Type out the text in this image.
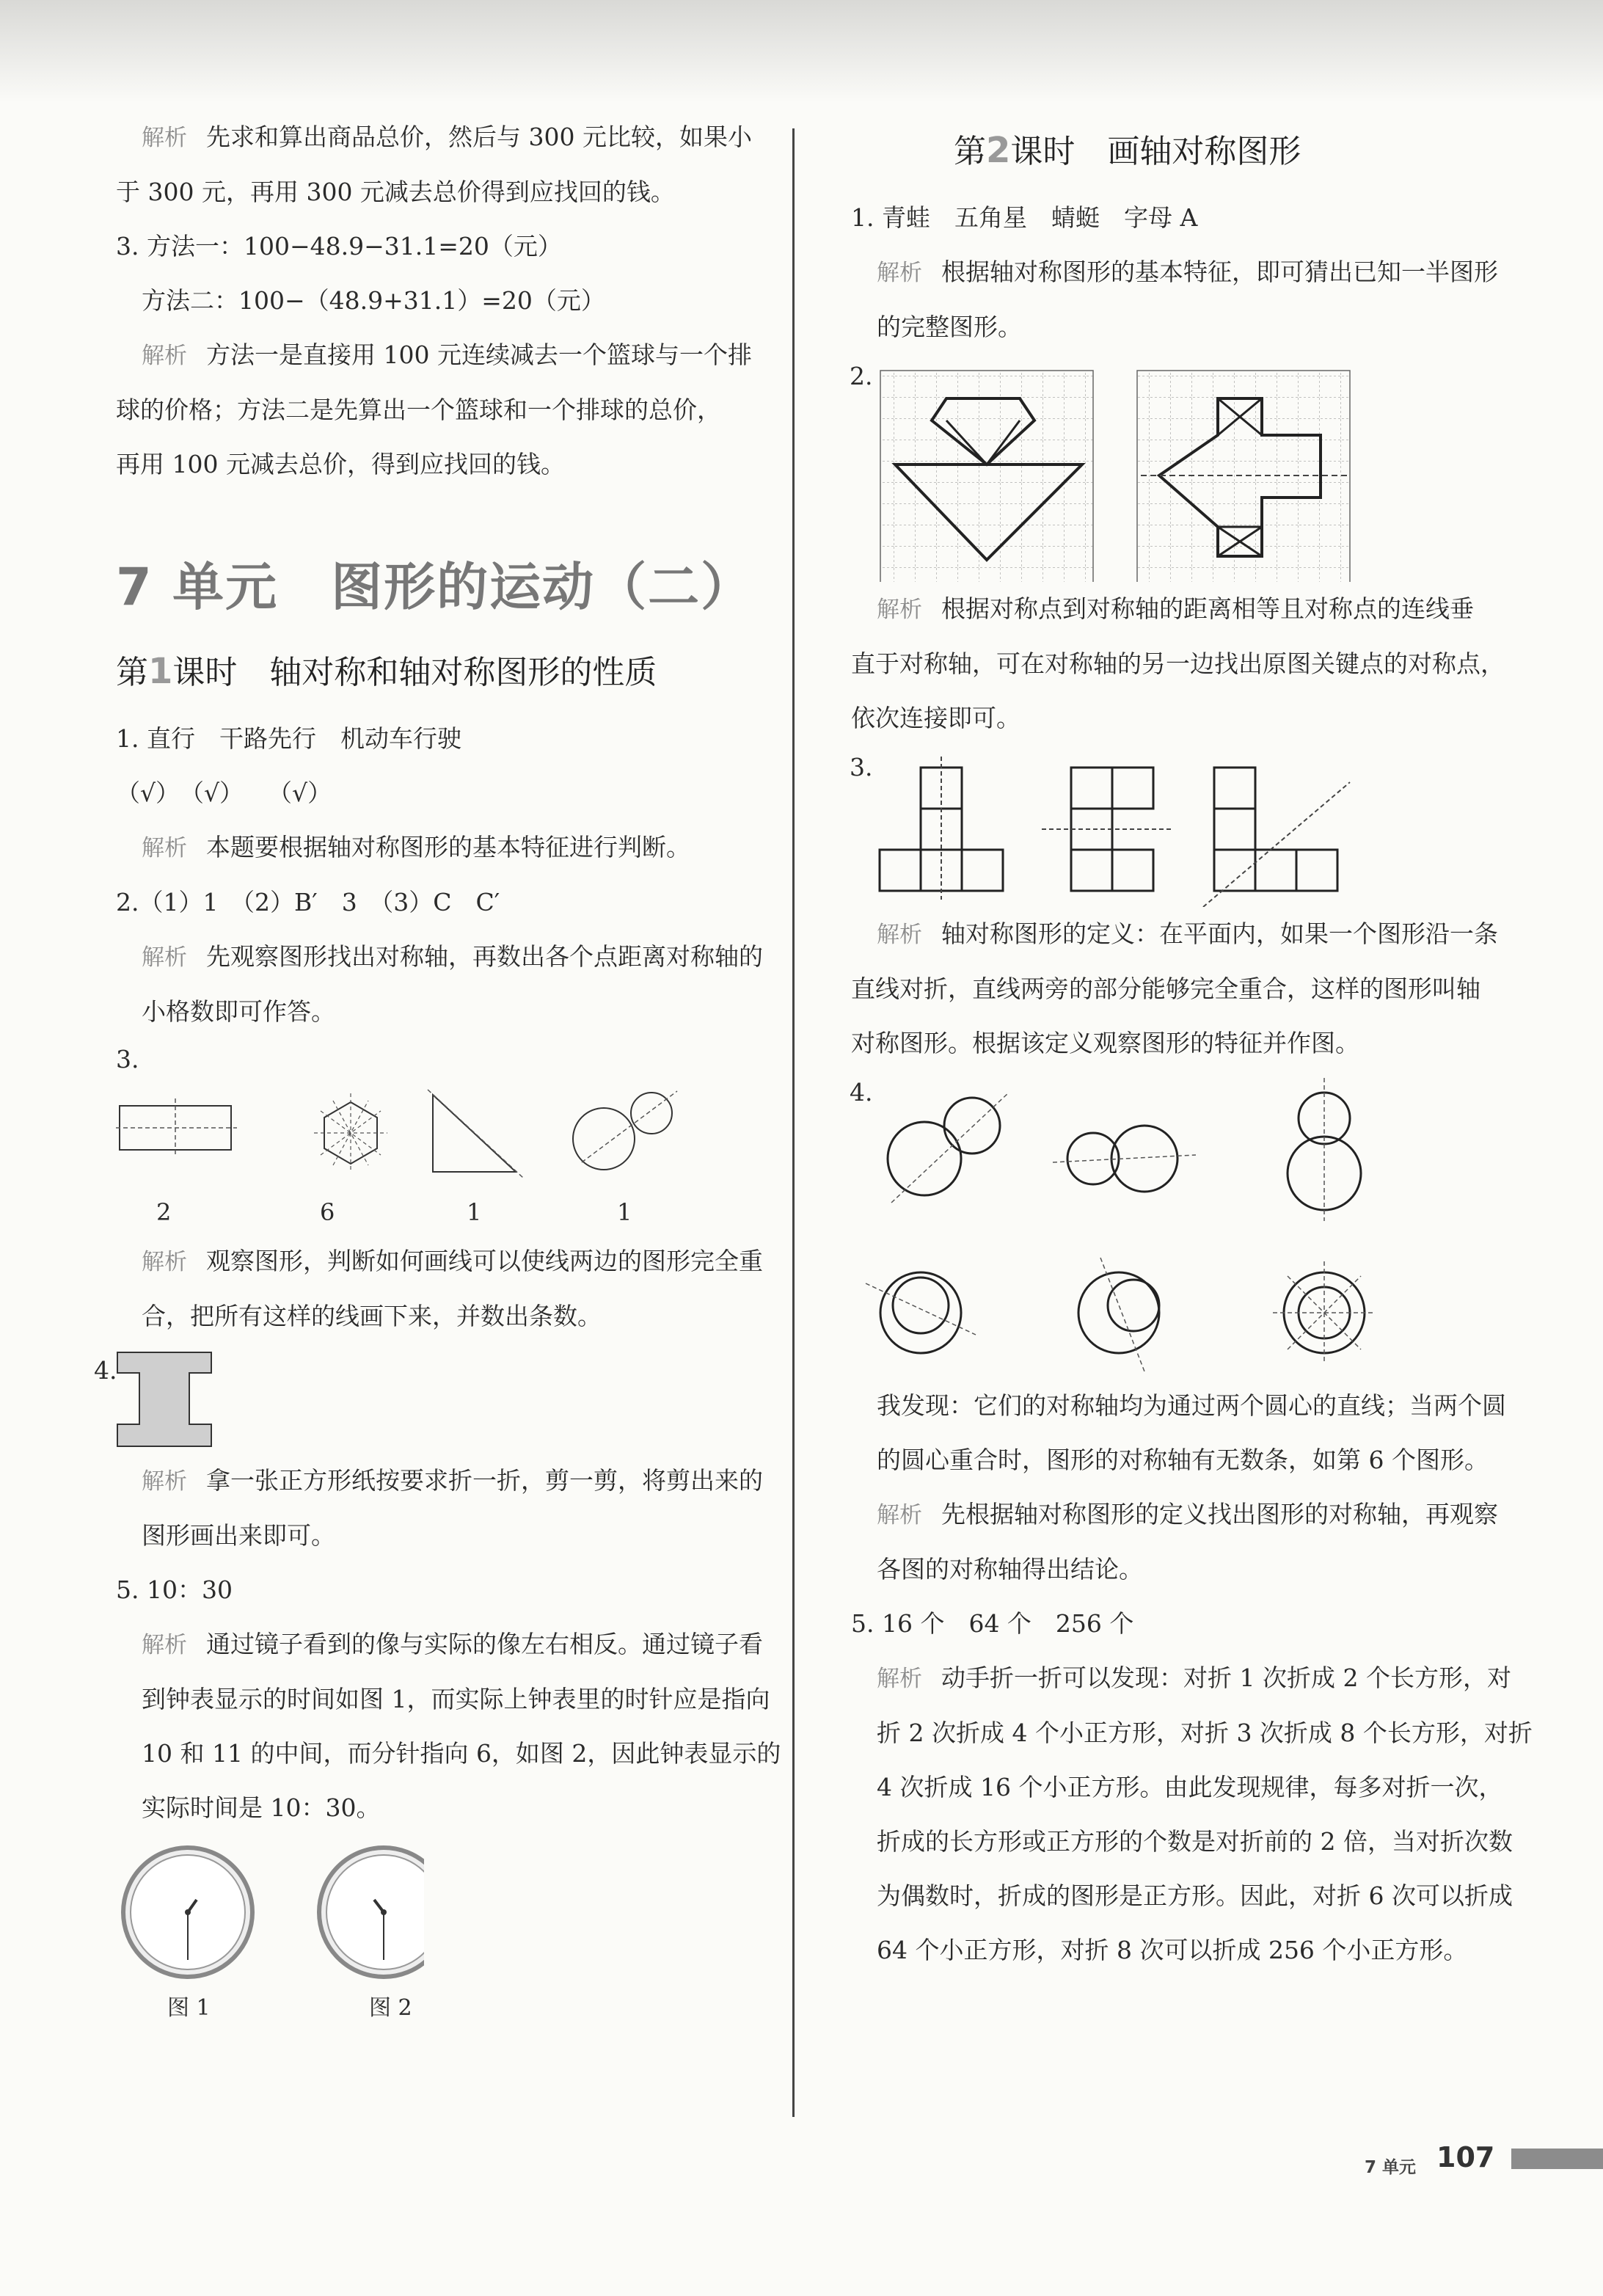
解析 先求和算出商品总价，然后与 300 元比较，如果小
于 300 元，再用 300 元减去总价得到应找回的钱。
3. 方法一：100−48.9−31.1=20（元）
方法二：100−（48.9+31.1）=20（元）
解析 方法一是直接用 100 元连续减去一个篮球与一个排
球的价格；方法二是先算出一个篮球和一个排球的总价，
再用 100 元减去总价，得到应找回的钱。
7 单元　图形的运动（二）
第1课时　轴对称和轴对称图形的性质
1. 直行　干路先行　机动车行驶
（√）　（√）　　（√）
解析 本题要根据轴对称图形的基本特征进行判断。
2.（1）1　（2）B′　3　（3）C　C′
解析 先观察图形找出对称轴，再数出各个点距离对称轴的
小格数即可作答。
3.
2	6	1	1
解析 观察图形，判断如何画线可以使线两边的图形完全重
合，把所有这样的线画下来，并数出条数。
4.
解析 拿一张正方形纸按要求折一折，剪一剪，将剪出来的
图形画出来即可。
5. 10：30
解析 通过镜子看到的像与实际的像左右相反。通过镜子看
到钟表显示的时间如图 1，而实际上钟表里的时针应是指向
10 和 11 的中间，而分针指向 6，如图 2，因此钟表显示的
实际时间是 10：30。
图 1	图 2
第2课时　画轴对称图形
1. 青蛙　五角星　蜻蜓　字母 A
解析 根据轴对称图形的基本特征，即可猜出已知一半图形
的完整图形。
2.
解析 根据对称点到对称轴的距离相等且对称点的连线垂
直于对称轴，可在对称轴的另一边找出原图关键点的对称点，
依次连接即可。
3.
解析 轴对称图形的定义：在平面内，如果一个图形沿一条
直线对折，直线两旁的部分能够完全重合，这样的图形叫轴
对称图形。根据该定义观察图形的特征并作图。
4.
我发现：它们的对称轴均为通过两个圆心的直线；当两个圆
的圆心重合时，图形的对称轴有无数条，如第 6 个图形。
解析 先根据轴对称图形的定义找出图形的对称轴，再观察
各图的对称轴得出结论。
5. 16 个　64 个　256 个
解析 动手折一折可以发现：对折 1 次折成 2 个长方形，对
折 2 次折成 4 个小正方形，对折 3 次折成 8 个长方形，对折
4 次折成 16 个小正方形。由此发现规律，每多对折一次，
折成的长方形或正方形的个数是对折前的 2 倍，当对折次数
为偶数时，折成的图形是正方形。因此，对折 6 次可以折成
64 个小正方形，对折 8 次可以折成 256 个小正方形。
7 单元 107
